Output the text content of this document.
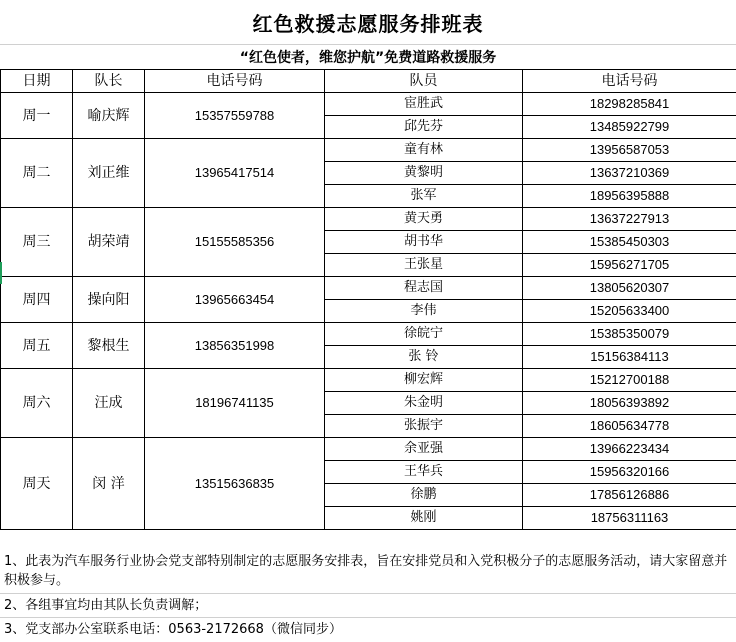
红色救援志愿服务排班表
“红色使者，维您护航”免费道路救援服务
日期	队长	电话号码	队员	电话号码
周一	喻庆辉	15357559788	宦胜武	18298285841
			邱先芬	13485922799
周二	刘正维	13965417514	童有林	13956587053
			黄黎明	13637210369
			张军	18956395888
周三	胡荣靖	15155585356	黄天勇	13637227913
			胡书华	15385450303
			王张星	15956271705
周四	操向阳	13965663454	程志国	13805620307
			李伟	15205633400
周五	黎根生	13856351998	徐皖宁	15385350079
			张 铃	15156384113
周六	汪成	18196741135	柳宏辉	15212700188
			朱金明	18056393892
			张振宇	18605634778
周天	闵 洋	13515636835	余亚强	13966223434
			王华兵	15956320166
			徐鹏	17856126886
			姚刚	18756311163
1、此表为汽车服务行业协会党支部特别制定的志愿服务安排表，旨在安排党员和入党积极分子的志愿服务活动，请大家留意并积极参与。
2、各组事宜均由其队长负责调解；
3、党支部办公室联系电话：0563-2172668（微信同步）
